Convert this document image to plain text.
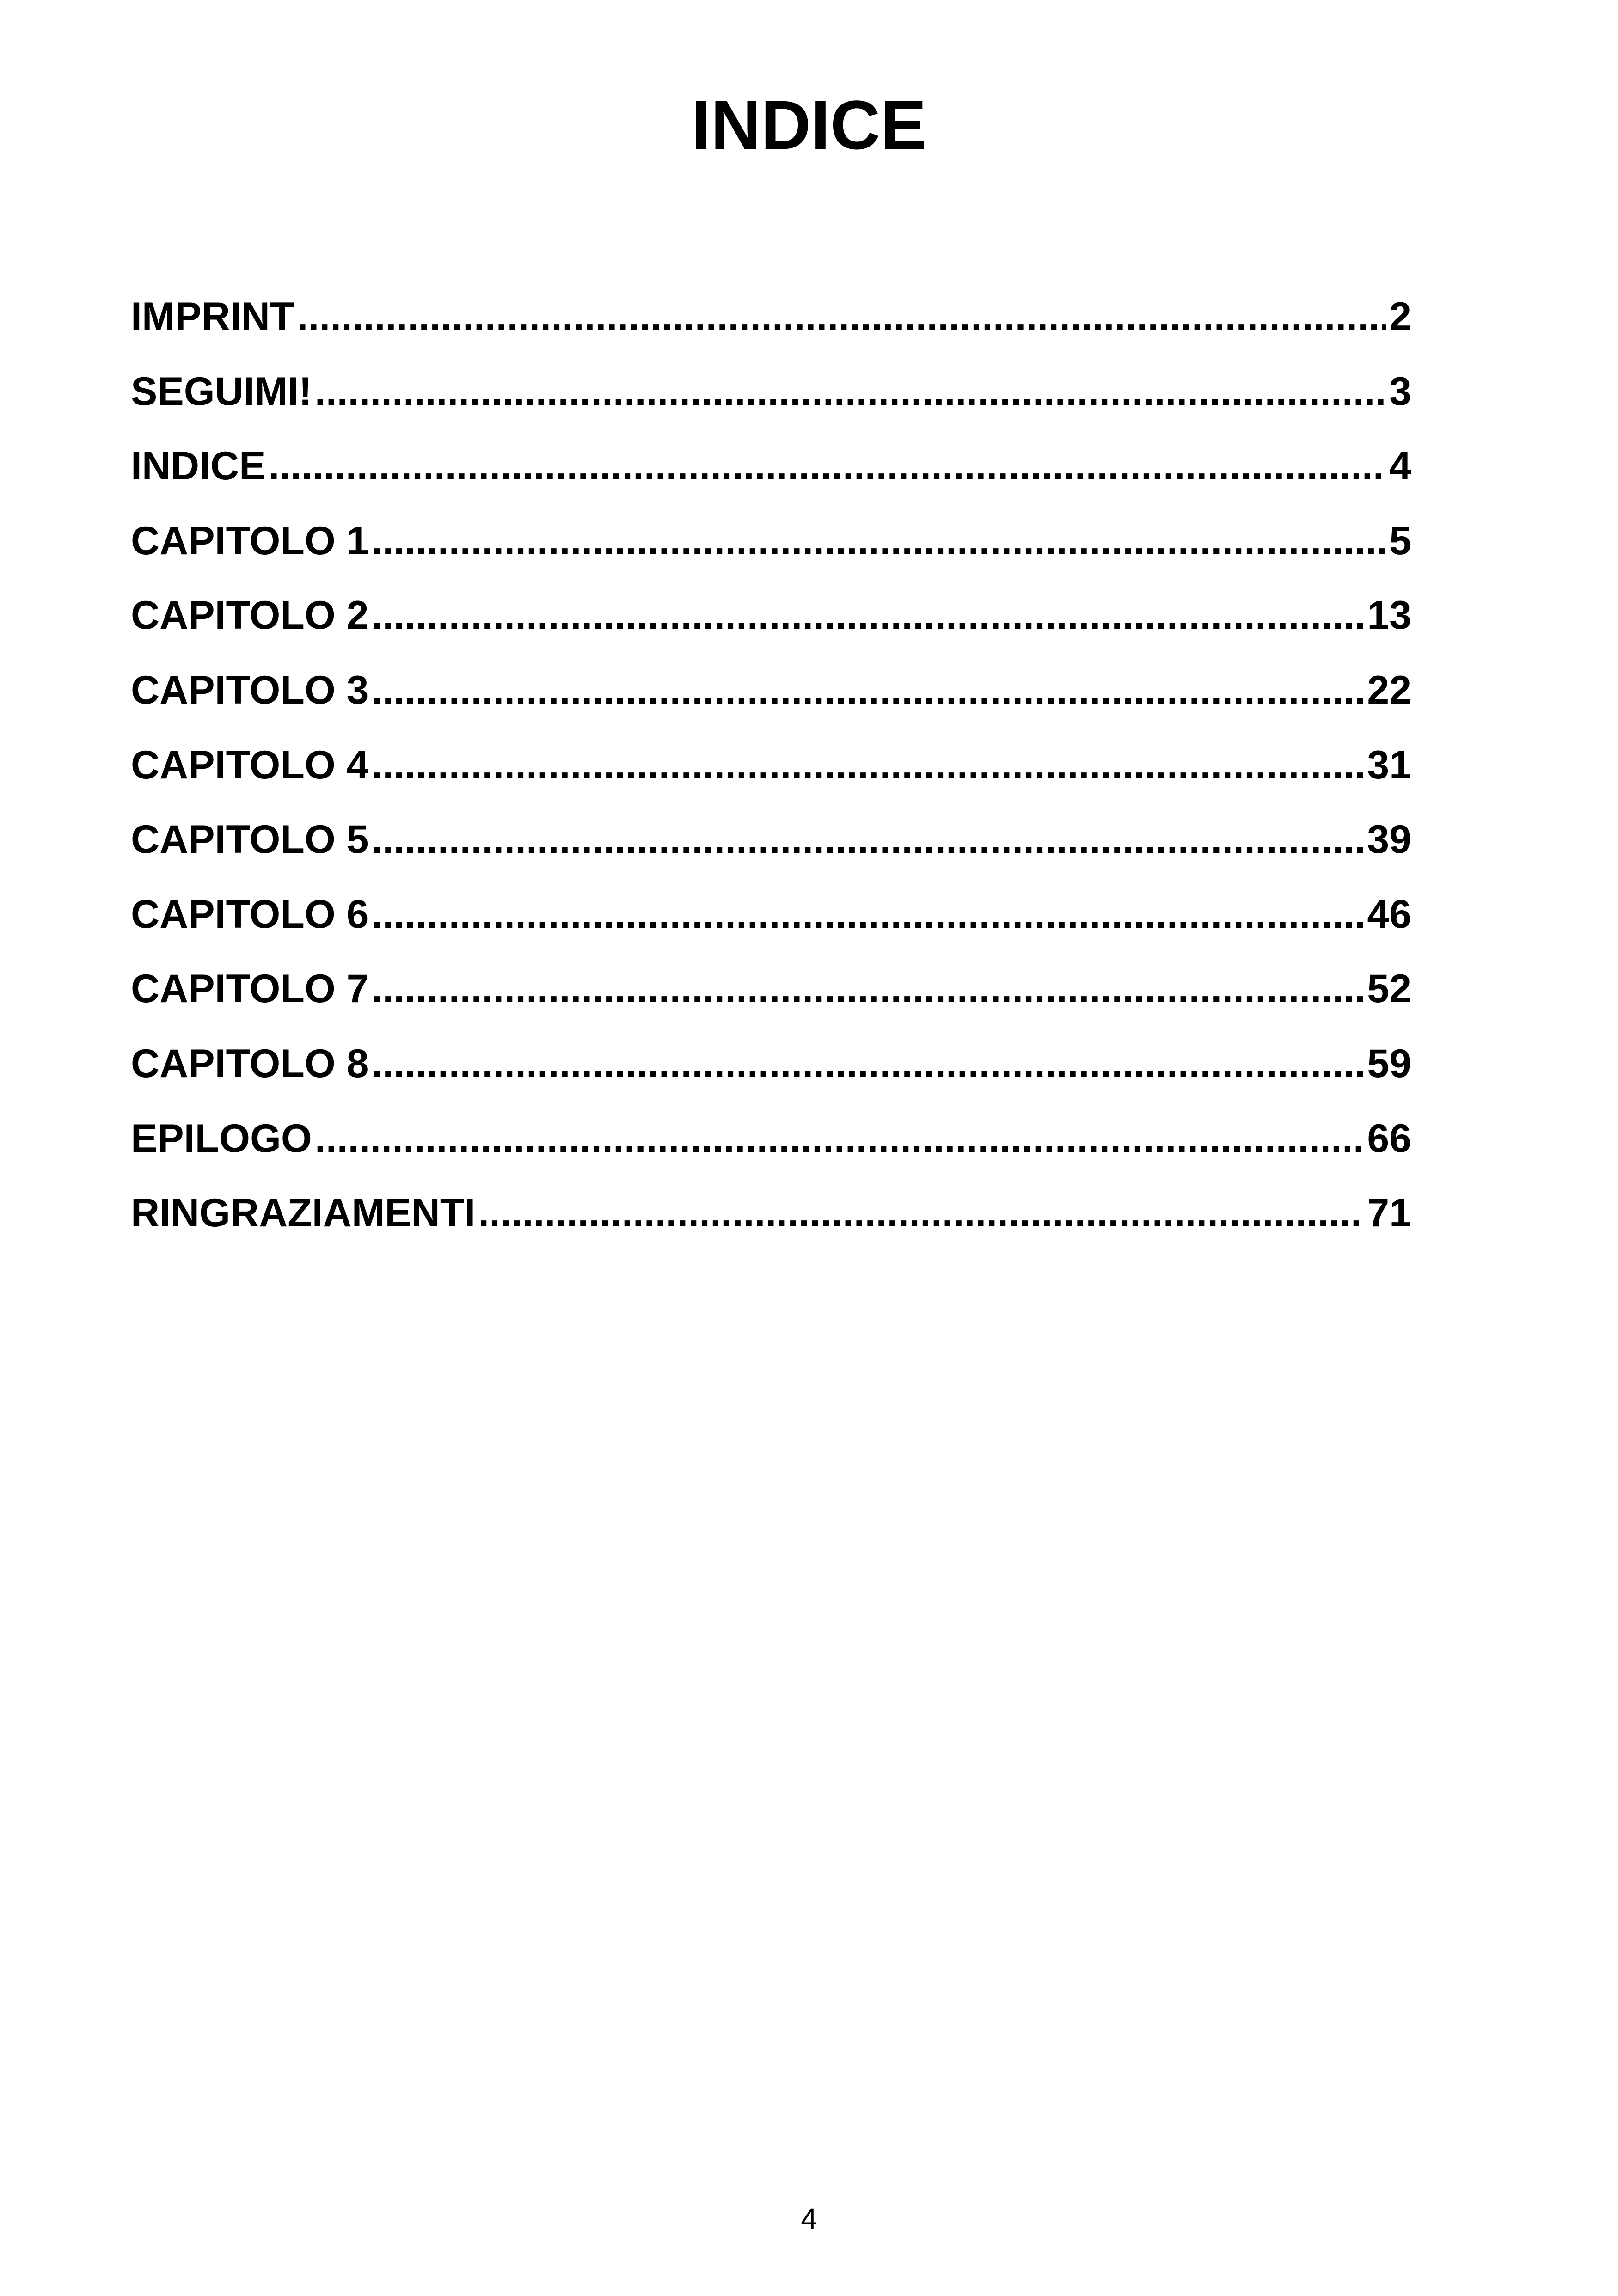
INDICE
IMPRINT .....	2
SEGUIMI! .....	3
INDICE .....	4
CAPITOLO 1 .....	5
CAPITOLO 2 .....	13
CAPITOLO 3 .....	22
CAPITOLO 4 .....	31
CAPITOLO 5 .....	39
CAPITOLO 6 .....	46
CAPITOLO 7 .....	52
CAPITOLO 8 .....	59
EPILOGO .....	66
RINGRAZIAMENTI .....	71
4
